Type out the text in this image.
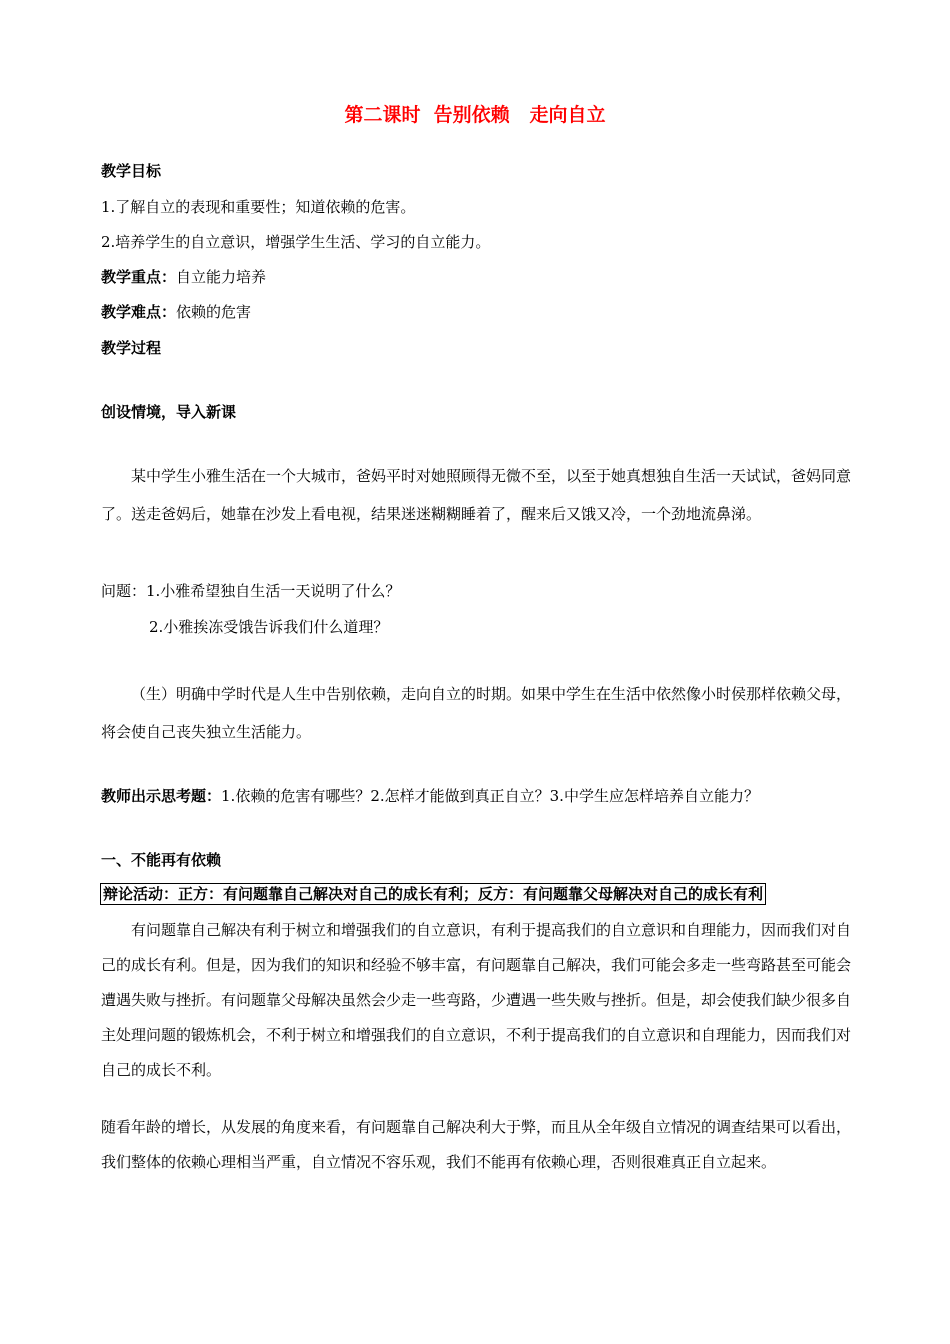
第二课时  告别依赖   走向自立
教学目标
1.了解自立的表现和重要性；知道依赖的危害。
2.培养学生的自立意识，增强学生生活、学习的自立能力。
教学重点：自立能力培养
教学难点：依赖的危害
教学过程
创设情境，导入新课
某中学生小雅生活在一个大城市，爸妈平时对她照顾得无微不至，以至于她真想独自生活一天试试，爸妈同意了。送走爸妈后，她靠在沙发上看电视，结果迷迷糊糊睡着了，醒来后又饿又冷，一个劲地流鼻涕。
问题：1.小雅希望独自生活一天说明了什么？
2.小雅挨冻受饿告诉我们什么道理？
（生）明确中学时代是人生中告别依赖，走向自立的时期。如果中学生在生活中依然像小时侯那样依赖父母，将会使自己丧失独立生活能力。
教师出示思考题：1.依赖的危害有哪些？2.怎样才能做到真正自立？3.中学生应怎样培养自立能力？
一、不能再有依赖
辩论活动：正方：有问题靠自己解决对自己的成长有利；反方：有问题靠父母解决对自己的成长有利
有问题靠自己解决有利于树立和增强我们的自立意识，有利于提高我们的自立意识和自理能力，因而我们对自己的成长有利。但是，因为我们的知识和经验不够丰富，有问题靠自己解决，我们可能会多走一些弯路甚至可能会遭遇失败与挫折。有问题靠父母解决虽然会少走一些弯路，少遭遇一些失败与挫折。但是，却会使我们缺少很多自主处理问题的锻炼机会，不利于树立和增强我们的自立意识，不利于提高我们的自立意识和自理能力，因而我们对自己的成长不利。
随看年龄的增长，从发展的角度来看，有问题靠自己解决利大于弊，而且从全年级自立情况的调查结果可以看出，我们整体的依赖心理相当严重，自立情况不容乐观，我们不能再有依赖心理，否则很难真正自立起来。
